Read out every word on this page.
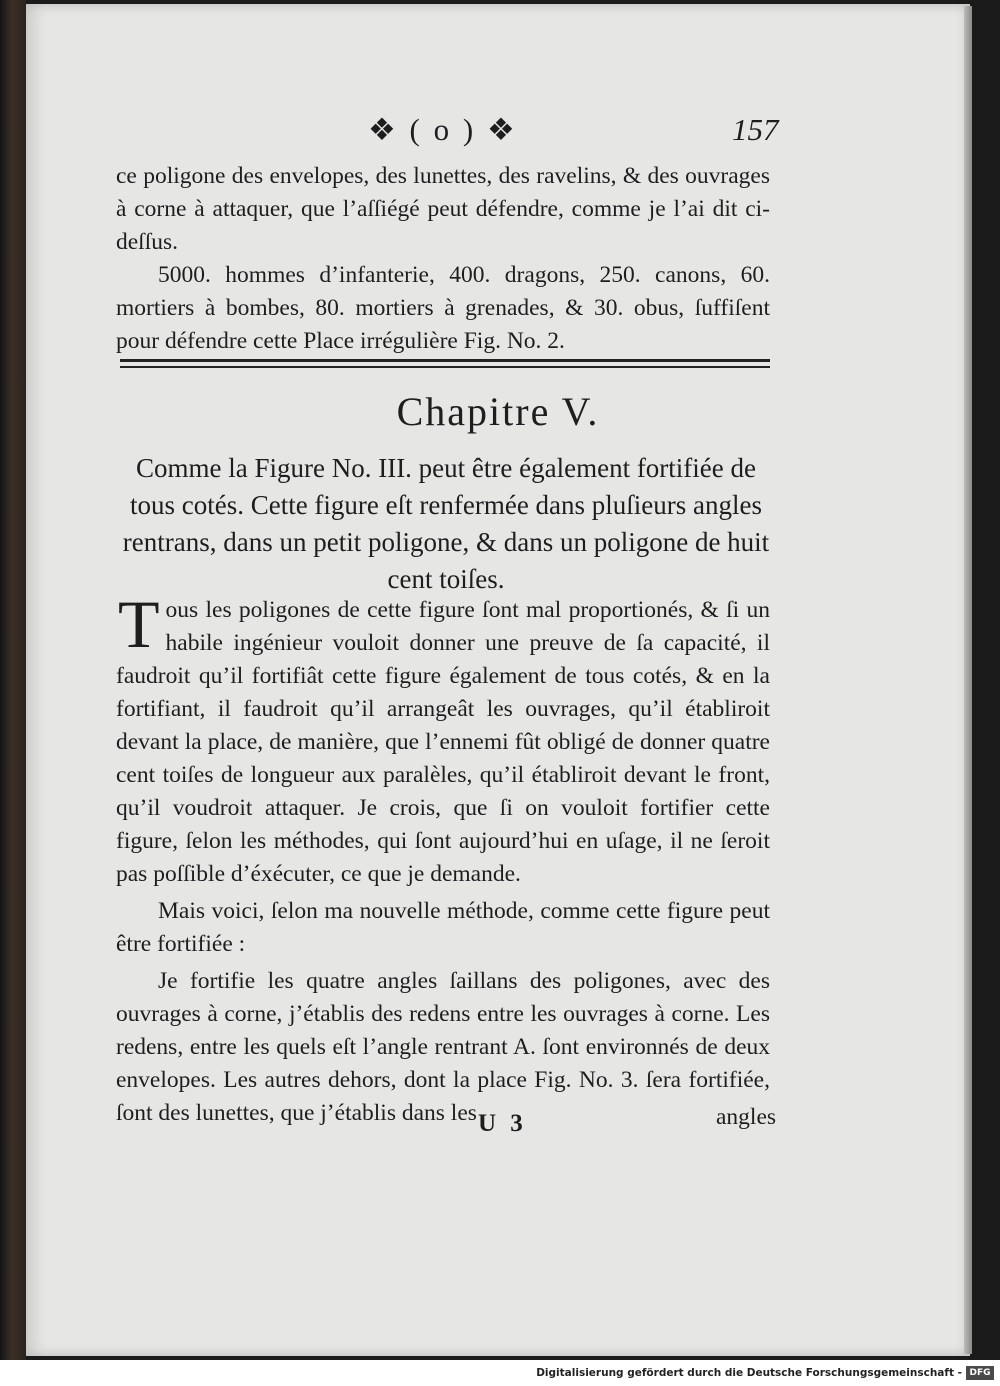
❖ ( o ) ❖	157

ce poligone des envelopes, des lunettes, des ravelins, & des ouvrages à corne à attaquer, que l’aſſiégé peut défendre, comme je l’ai dit ci-deſſus.

5000. hommes d’infanterie, 400. dragons, 250. canons, 60. mortiers à bombes, 80. mortiers à grenades, & 30. obus, ſuffiſent pour défendre cette Place irrégulière Fig. No. 2.

Chapitre V.
Comme la Figure No. III. peut être également fortifiée de tous cotés. Cette figure eſt renfermée dans pluſieurs angles rentrans, dans un petit poligone, & dans un poligone de huit cent toiſes.

Tous les poligones de cette figure ſont mal proportionés, & ſi un habile ingénieur vouloit donner une preuve de ſa capacité, il faudroit qu’il fortifiât cette figure également de tous cotés, & en la fortifiant, il faudroit qu’il arrangeât les ouvrages, qu’il établiroit devant la place, de manière, que l’ennemi fût obligé de donner quatre cent toiſes de longueur aux paralèles, qu’il établiroit devant le front, qu’il voudroit attaquer. Je crois, que ſi on vouloit fortifier cette figure, ſelon les méthodes, qui ſont aujourd’hui en uſage, il ne ſeroit pas poſſible d’éxécuter, ce que je demande.

Mais voici, ſelon ma nouvelle méthode, comme cette figure peut être fortifiée :

Je fortifie les quatre angles ſaillans des poligones, avec des ouvrages à corne, j’établis des redens entre les ouvrages à corne. Les redens, entre les quels eſt l’angle rentrant A. ſont environnés de deux envelopes. Les autres dehors, dont la place Fig. No. 3. ſera fortifiée, ſont des lunettes, que j’établis dans les U 3	angles
Digitalisierung gefördert durch die Deutsche Forschungsgemeinschaft - DFG
